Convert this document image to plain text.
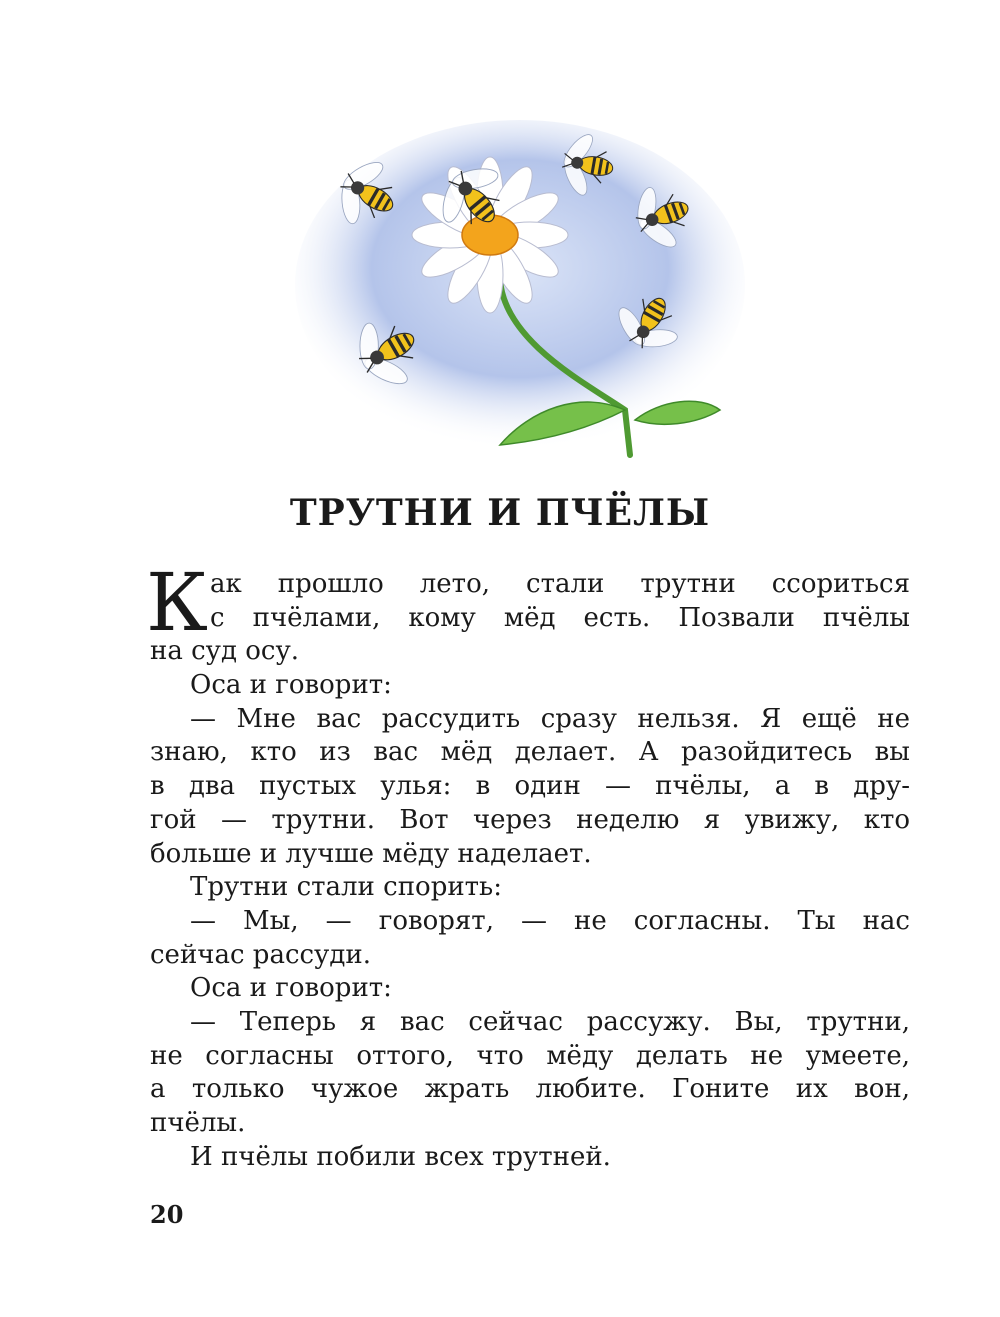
ТРУТНИ И ПЧЁЛЫ
К ак прошло лето, стали трутни ссориться
с пчёлами, кому мёд есть. Позвали пчёлы
на суд осу.
Оса и говорит:
— Мне вас рассудить сразу нельзя. Я ещё не
знаю, кто из вас мёд делает. А разойдитесь вы
в два пустых улья: в один — пчёлы, а в дру-
гой — трутни. Вот через неделю я увижу, кто
больше и лучше мёду наделает.
Трутни стали спорить:
— Мы, — говорят, — не согласны. Ты нас
сейчас рассуди.
Оса и говорит:
— Теперь я вас сейчас рассужу. Вы, трутни,
не согласны оттого, что мёду делать не умеете,
а только чужое жрать любите. Гоните их вон,
пчёлы.
И пчёлы побили всех трутней.
20
